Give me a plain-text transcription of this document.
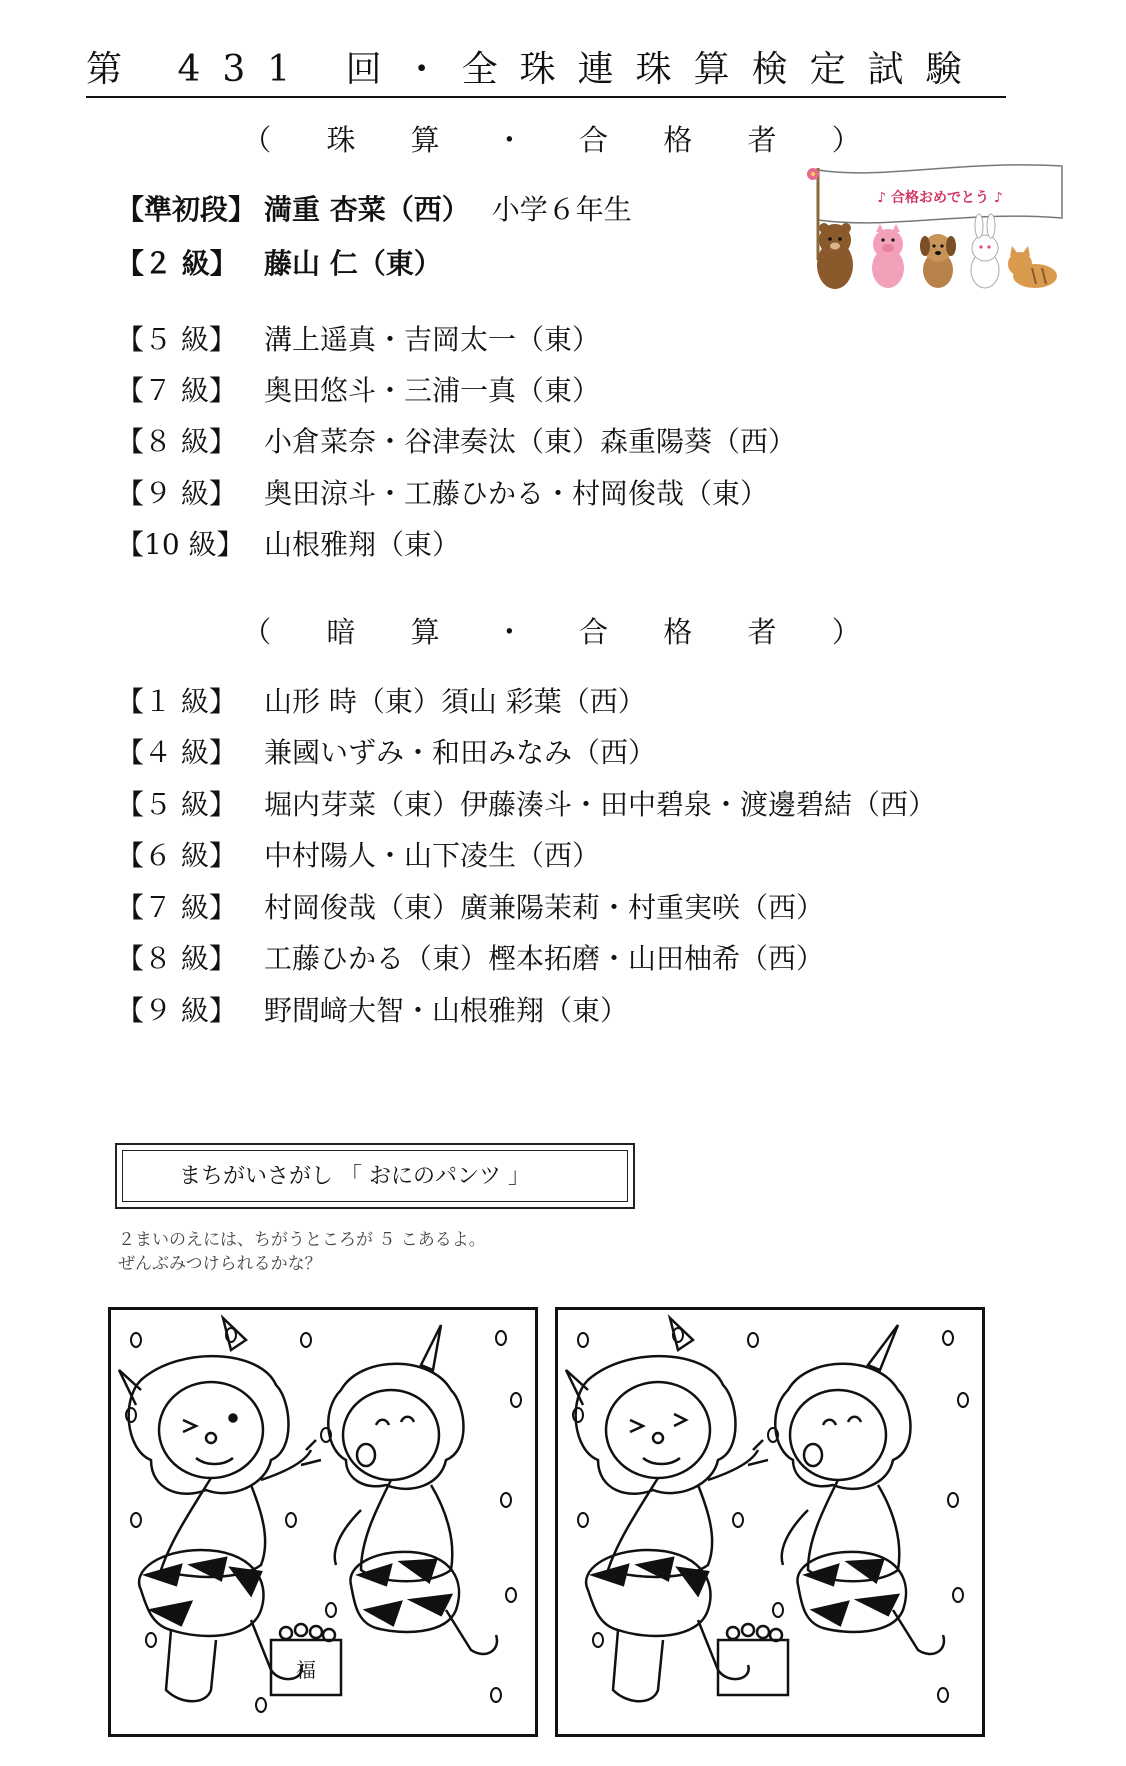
第 431 回・全珠連珠算検定試験
（ 珠 算 ・ 合 格 者 ）
【準初段】 満重 杏菜（西） 小学６年生
【２ 級】 藤山 仁（東）
【５ 級】 溝上遥真・吉岡太一（東）
【７ 級】 奥田悠斗・三浦一真（東）
【８ 級】 小倉菜奈・谷津奏汰（東）森重陽葵（西）
【９ 級】 奥田涼斗・工藤ひかる・村岡俊哉（東）
【10 級】 山根雅翔（東）
♪ 合格おめでとう ♪
（ 暗 算 ・ 合 格 者 ）
【１ 級】 山形 時（東）須山 彩葉（西）
【４ 級】 兼國いずみ・和田みなみ（西）
【５ 級】 堀内芽菜（東）伊藤湊斗・田中碧泉・渡邊碧結（西）
【６ 級】 中村陽人・山下凌生（西）
【７ 級】 村岡俊哉（東）廣兼陽茉莉・村重実咲（西）
【８ 級】 工藤ひかる（東）樫本拓磨・山田柚希（西）
【９ 級】 野間﨑大智・山根雅翔（東）
まちがいさがし 「 おにのパンツ 」
２まいのえには、ちがうところが ５ こあるよ。
ぜんぶみつけられるかな？
福
